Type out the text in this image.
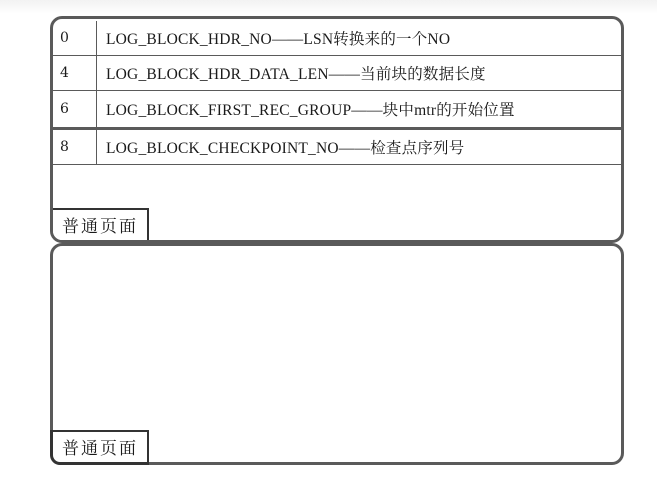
0	LOG_BLOCK_HDR_NO——LSN转换来的一个NO
4	LOG_BLOCK_HDR_DATA_LEN——当前块的数据长度
6	LOG_BLOCK_FIRST_REC_GROUP——块中mtr的开始位置
8	LOG_BLOCK_CHECKPOINT_NO——检查点序列号
普通页面
普通页面
